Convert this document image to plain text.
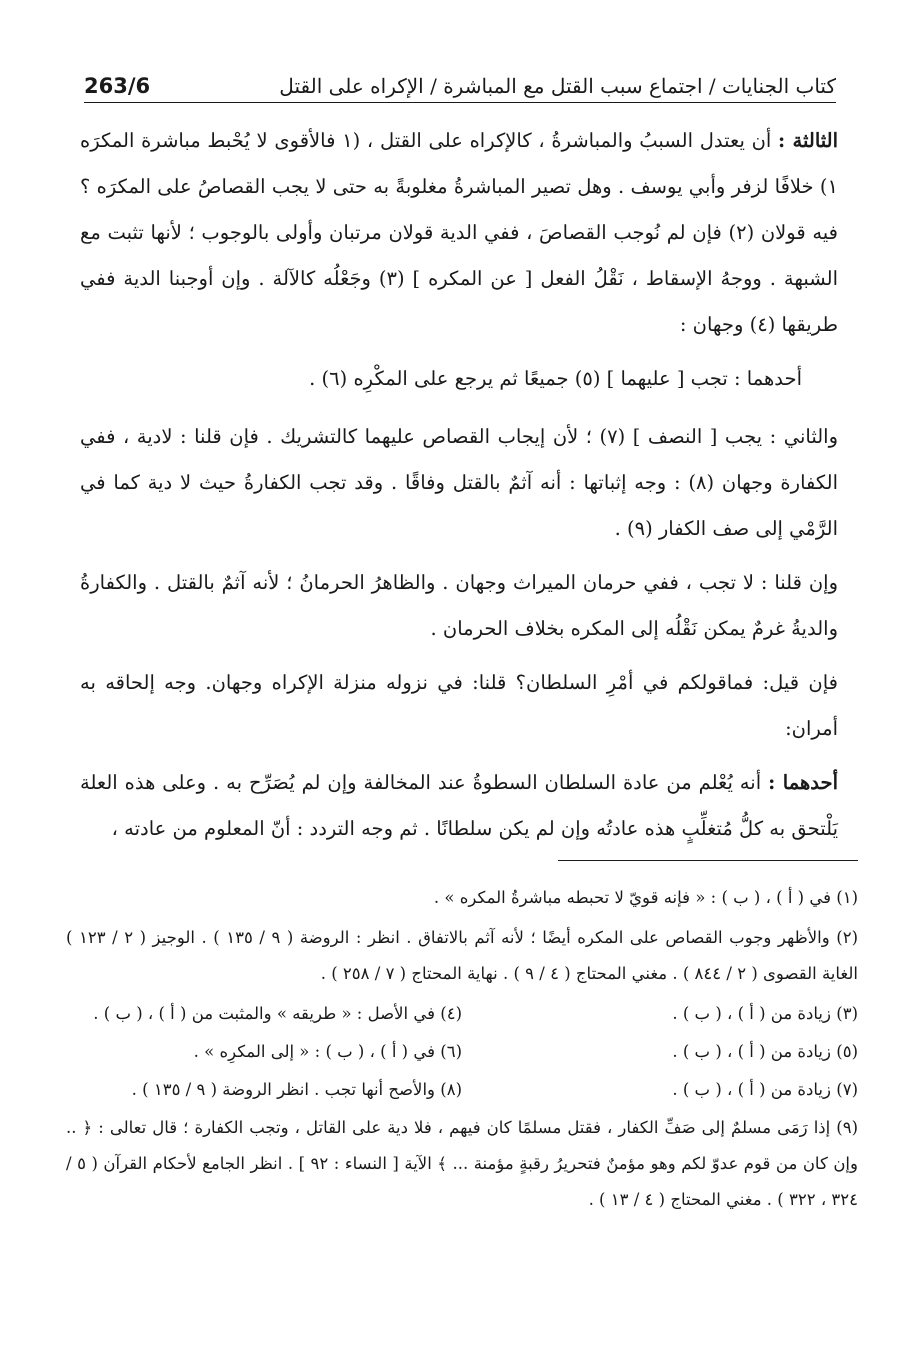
كتاب الجنايات / اجتماع سبب القتل مع المباشرة / الإكراه على القتل
263/6

الثالثة : أن يعتدل السببُ والمباشرةُ ، كالإكراه على القتل ، (١ فالأقوى لا يُحْبط مباشرة المكرَه ١) خلافًا لزفر وأبي يوسف . وهل تصير المباشرةُ مغلوبةً به حتى لا يجب القصاصُ على المكرَه ؟ فيه قولان (٢) فإن لم نُوجب القصاصَ ، ففي الدية قولان مرتبان وأولى بالوجوب ؛ لأنها تثبت مع الشبهة . ووجهُ الإسقاط ، نَقْلُ الفعل [ عن المكره ] (٣) وجَعْلُه كالآلة . وإن أوجبنا الدية ففي طريقها (٤) وجهان :

أحدهما : تجب [ عليهما ] (٥) جميعًا ثم يرجع على المكْرِه (٦) .

والثاني : يجب [ النصف ] (٧) ؛ لأن إيجاب القصاص عليهما كالتشريك . فإن قلنا : لادية ، ففي الكفارة وجهان (٨) : وجه إثباتها : أنه آثمٌ بالقتل وفاقًا . وقد تجب الكفارةُ حيث لا دية كما في الرَّمْي إلى صف الكفار (٩) .

وإن قلنا : لا تجب ، ففي حرمان الميراث وجهان . والظاهرُ الحرمانُ ؛ لأنه آثمٌ بالقتل . والكفارةُ والديةُ غرمٌ يمكن نَقْلُه إلى المكره بخلاف الحرمان .

فإن قيل: فماقولكم في أمْرِ السلطان؟ قلنا: في نزوله منزلة الإكراه وجهان. وجه إلحاقه به أمران:

أحدهما : أنه يُعْلم من عادة السلطان السطوةُ عند المخالفة وإن لم يُصَرِّح به . وعلى هذه العلة يَلْتحق به كلُّ مُتغلِّبٍ هذه عادتُه وإن لم يكن سلطانًا . ثم وجه التردد : أنّ المعلوم من عادته ،

(١) في ( أ ) ، ( ب ) : « فإنه قويّ لا تحبطه مباشرةُ المكره » .

(٢) والأظهر وجوب القصاص على المكره أيضًا ؛ لأنه آثم بالاتفاق . انظر : الروضة ( ٩ / ١٣٥ ) . الوجيز ( ٢ / ١٢٣ ) الغاية القصوى ( ٢ / ٨٤٤ ) . مغني المحتاج ( ٤ / ٩ ) . نهاية المحتاج ( ٧ / ٢٥٨ ) .

(٣) زيادة من ( أ ) ، ( ب ) .
(٤) في الأصل : « طريقه » والمثبت من ( أ ) ، ( ب ) .
(٥) زيادة من ( أ ) ، ( ب ) .
(٦) في ( أ ) ، ( ب ) : « إلى المكرِه » .
(٧) زيادة من ( أ ) ، ( ب ) .
(٨) والأصح أنها تجب . انظر الروضة ( ٩ / ١٣٥ ) .

(٩) إذا رَمَى مسلمٌ إلى صَفِّ الكفار ، فقتل مسلمًا كان فيهم ، فلا دية على القاتل ، وتجب الكفارة ؛ قال تعالى : ﴿ .. وإن كان من قوم عدوّ لكم وهو مؤمنٌ فتحريرُ رقبةٍ مؤمنة ... ﴾ الآية [ النساء : ٩٢ ] . انظر الجامع لأحكام القرآن ( ٥ / ٣٢٤ ، ٣٢٢ ) . مغني المحتاج ( ٤ / ١٣ ) .
